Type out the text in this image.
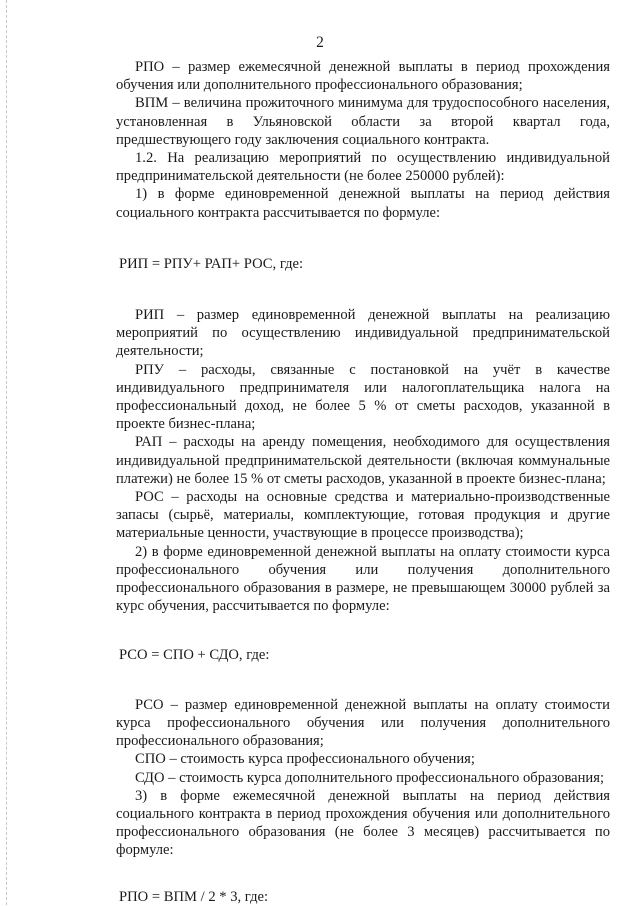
2

РПО – размер ежемесячной денежной выплаты в период прохождения обучения или дополнительного профессионального образования;

ВПМ – величина прожиточного минимума для трудоспособного населения, установленная в Ульяновской области за второй квартал года, предшествующего году заключения социального контракта.

1.2. На реализацию мероприятий по осуществлению индивидуальной предпринимательской деятельности (не более 250000 рублей):

1) в форме единовременной денежной выплаты на период действия социального контракта рассчитывается по формуле:

РИП = РПУ+ РАП+ РОС, где:

РИП – размер единовременной денежной выплаты на реализацию мероприятий по осуществлению индивидуальной предпринимательской деятельности;

РПУ – расходы, связанные с постановкой на учёт в качестве индивидуального предпринимателя или налогоплательщика налога на профессиональный доход, не более 5 % от сметы расходов, указанной в проекте бизнес-плана;

РАП – расходы на аренду помещения, необходимого для осуществления индивидуальной предпринимательской деятельности (включая коммунальные платежи) не более 15 % от сметы расходов, указанной в проекте бизнес-плана;

РОС – расходы на основные средства и материально-производственные запасы (сырьё, материалы, комплектующие, готовая продукция и другие материальные ценности, участвующие в процессе производства);

2) в форме единовременной денежной выплаты на оплату стоимости курса профессионального обучения или получения дополнительного профессионального образования в размере, не превышающем 30000 рублей за курс обучения, рассчитывается по формуле:

РСО = СПО + СДО, где:

РСО – размер единовременной денежной выплаты на оплату стоимости курса профессионального обучения или получения дополнительного профессионального образования;

СПО – стоимость курса профессионального обучения;

СДО – стоимость курса дополнительного профессионального образования;

3) в форме ежемесячной денежной выплаты на период действия социального контракта в период прохождения обучения или дополнительного профессионального образования (не более 3 месяцев) рассчитывается по формуле:

РПО = ВПМ / 2 * 3, где:
